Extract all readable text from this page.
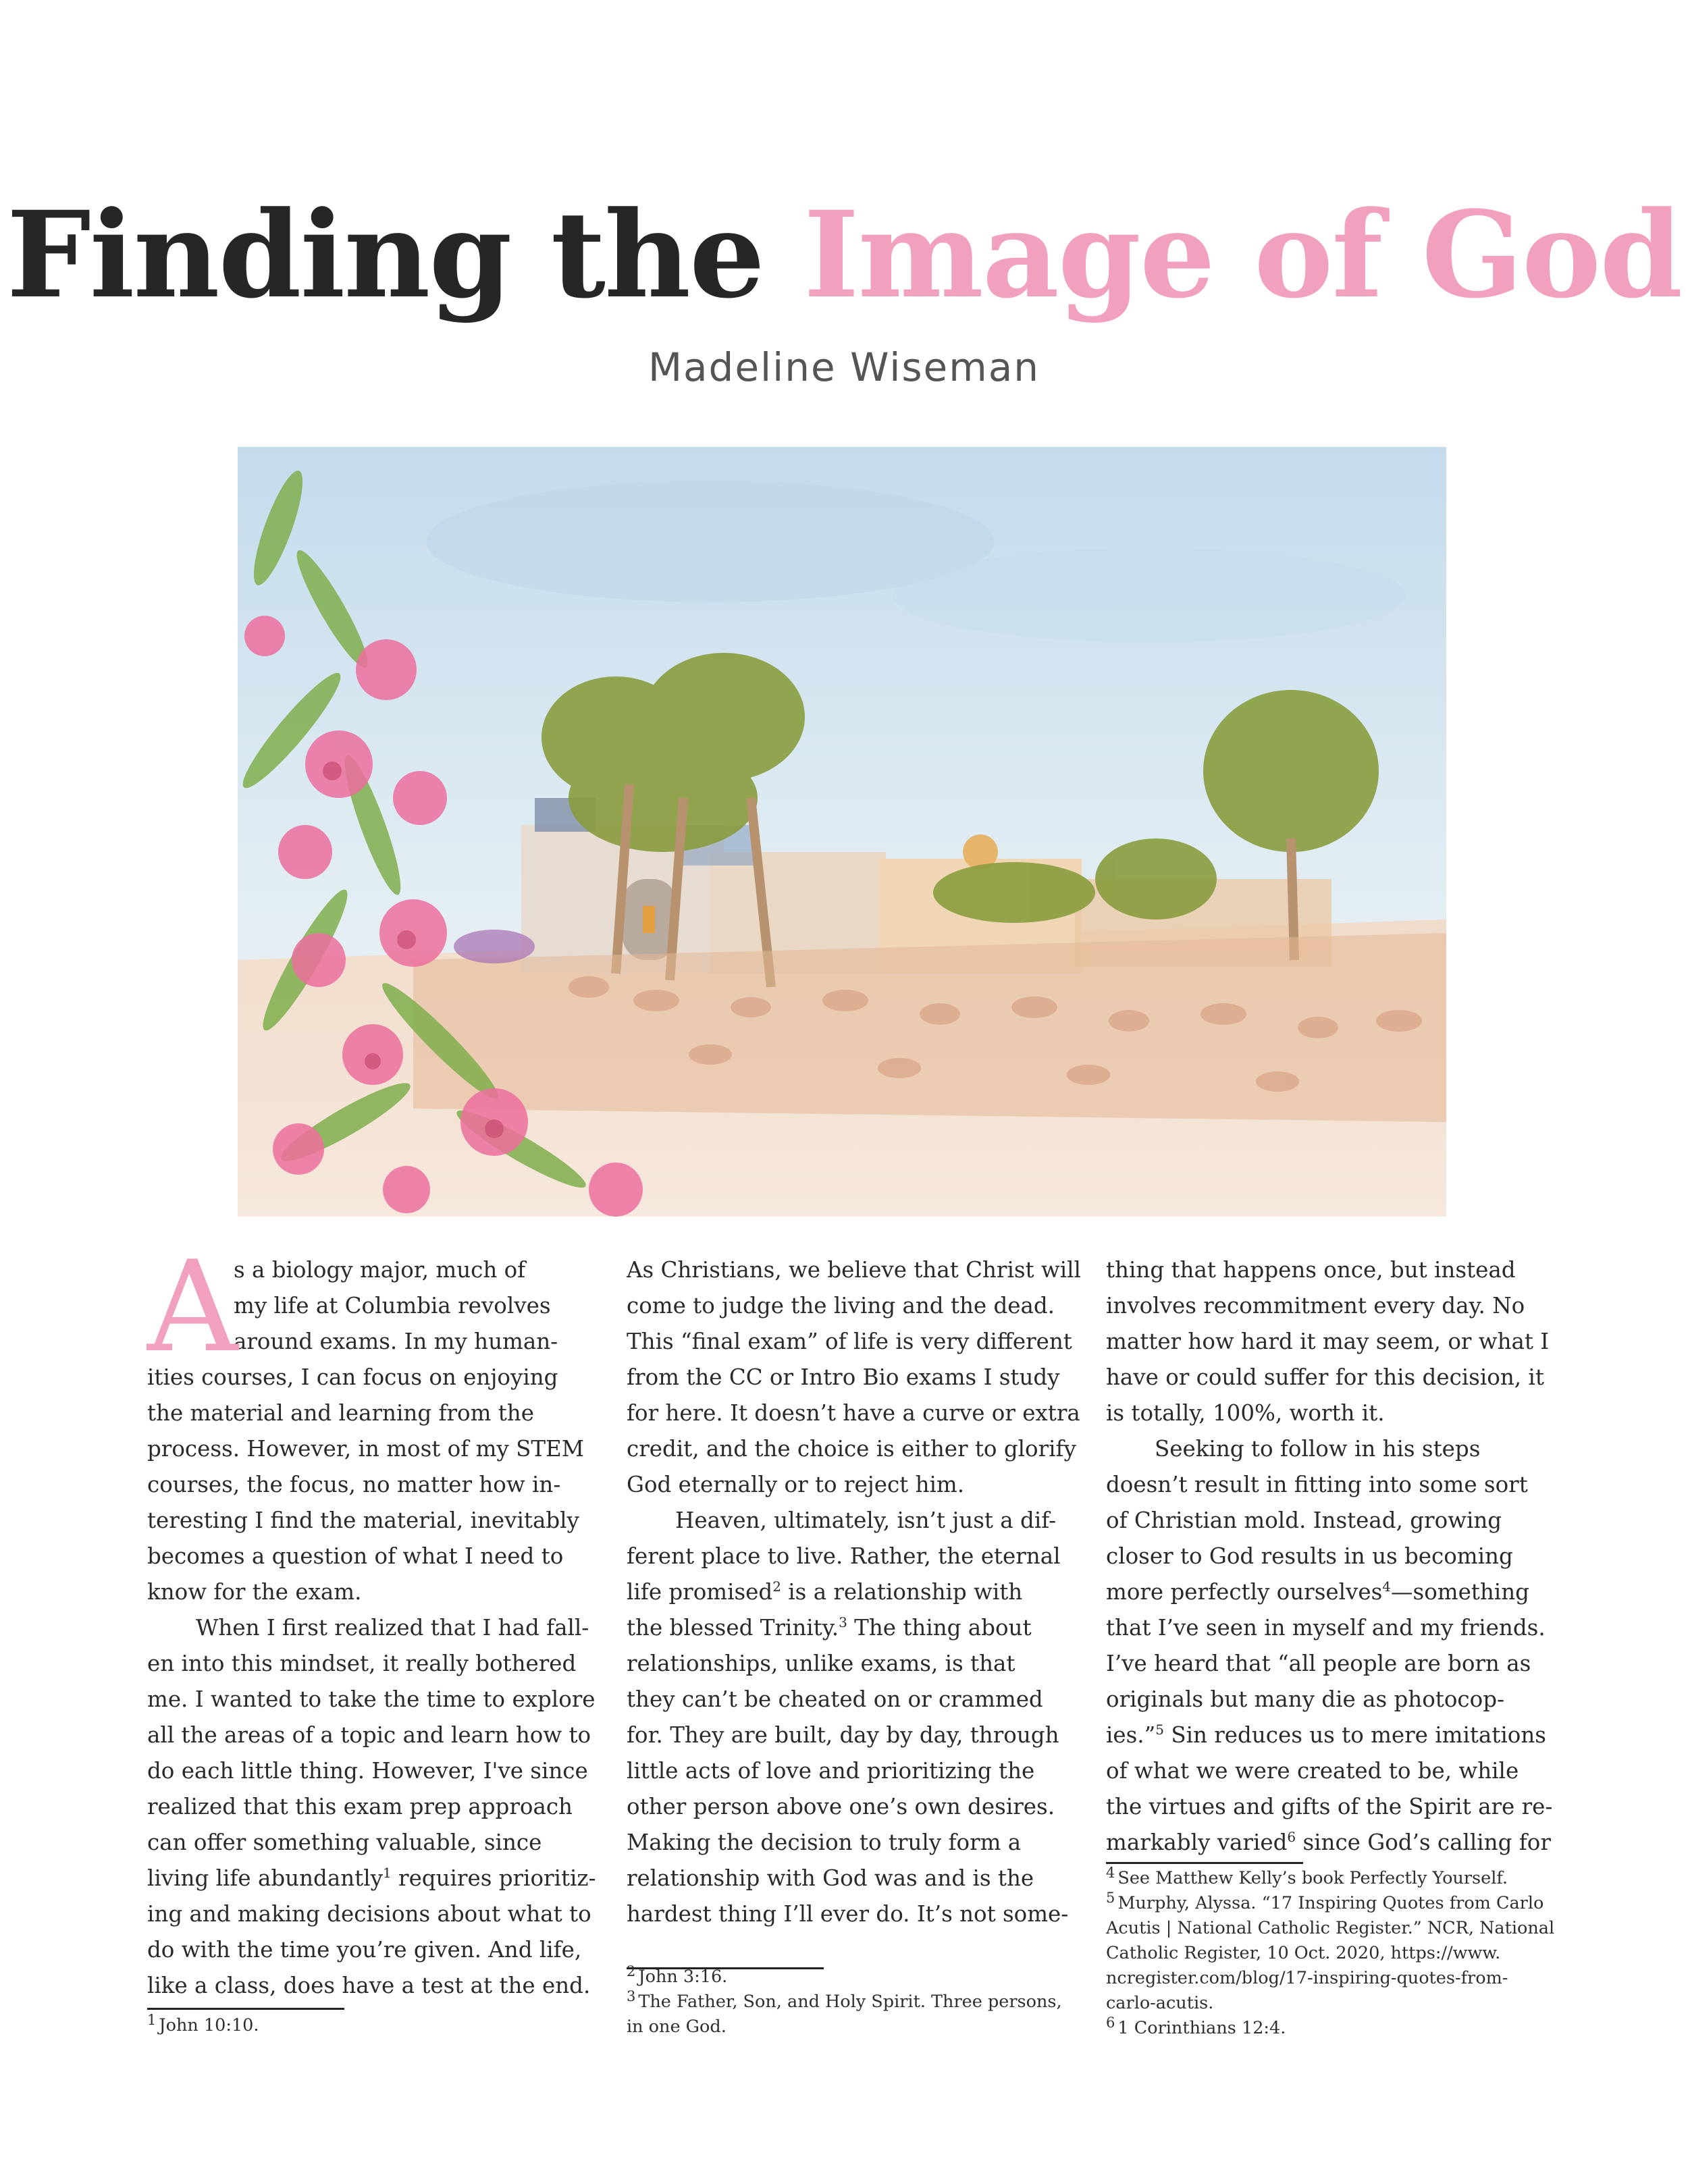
Finding the Image of God
Madeline Wiseman
A
s a biology major, much of
my life at Columbia revolves
around exams. In my human-
ities courses, I can focus on enjoying
the material and learning from the
process. However, in most of my STEM
courses, the focus, no matter how in-
teresting I find the material, inevitably
becomes a question of what I need to
know for the exam.
When I first realized that I had fall-
en into this mindset, it really bothered
me. I wanted to take the time to explore
all the areas of a topic and learn how to
do each little thing. However, I've since
realized that this exam prep approach
can offer something valuable, since
living life abundantly$^1$ requires prioritiz-
ing and making decisions about what to
do with the time you’re given. And life,
like a class, does have a test at the end.
$^1$ John 10:10.
As Christians, we believe that Christ will
come to judge the living and the dead.
This “final exam” of life is very different
from the CC or Intro Bio exams I study
for here. It doesn’t have a curve or extra
credit, and the choice is either to glorify
God eternally or to reject him.
Heaven, ultimately, isn’t just a dif-
ferent place to live. Rather, the eternal
life promised$^2$ is a relationship with
the blessed Trinity.$^3$ The thing about
relationships, unlike exams, is that
they can’t be cheated on or crammed
for. They are built, day by day, through
little acts of love and prioritizing the
other person above one’s own desires.
Making the decision to truly form a
relationship with God was and is the
hardest thing I’ll ever do. It’s not some-
$^2$ John 3:16.
$^3$ The Father, Son, and Holy Spirit. Three persons,
in one God.
thing that happens once, but instead
involves recommitment every day. No
matter how hard it may seem, or what I
have or could suffer for this decision, it
is totally, 100%, worth it.
Seeking to follow in his steps
doesn’t result in fitting into some sort
of Christian mold. Instead, growing
closer to God results in us becoming
more perfectly ourselves$^4$—something
that I’ve seen in myself and my friends.
I’ve heard that “all people are born as
originals but many die as photocop-
ies.”$^5$ Sin reduces us to mere imitations
of what we were created to be, while
the virtues and gifts of the Spirit are re-
markably varied$^6$ since God’s calling for
$^4$ See Matthew Kelly’s book Perfectly Yourself.
$^5$ Murphy, Alyssa. “17 Inspiring Quotes from Carlo
Acutis | National Catholic Register.” NCR, National
Catholic Register, 10 Oct. 2020, https://www.
ncregister.com/blog/17-inspiring-quotes-from-
carlo-acutis.
$^6$ 1 Corinthians 12:4.
